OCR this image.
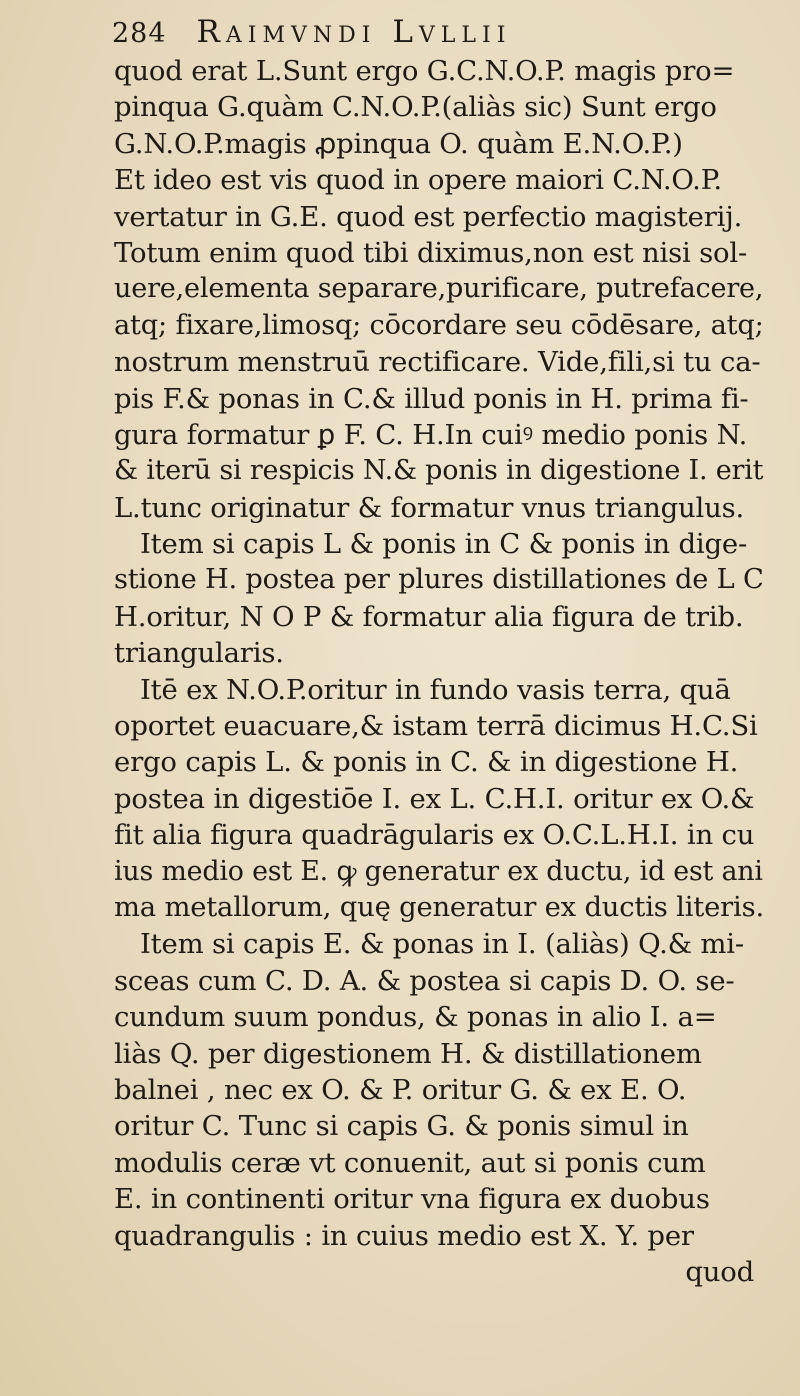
284 Raimvndi Lvllii
quod erat L.Sunt ergo G.C.N.O.P. magis pro=
pinqua G.quàm C.N.O.P.(aliàs sic) Sunt ergo
G.N.O.P.magis ꝓpinqua O. quàm E.N.O.P.)
Et ideo est vis quod in opere maiori C.N.O.P.
vertatur in G.E. quod est perfectio magisterij.
Totum enim quod tibi diximus,non est nisi sol-
uere,elementa separare,purificare, putrefacere,
atq; fixare,limosq; cōcordare seu cōdēsare, atq;
nostrum menstruū rectificare. Vide,fili,si tu ca-
pis F.& ponas in C.& illud ponis in H. prima fi-
gura formatur ꝑ F. C. H.In cuiꝰ medio ponis N.
& iterū si respicis N.& ponis in digestione I. erit
L.tunc originatur & formatur vnus triangulus.
Item si capis L & ponis in C & ponis in dige-
stione H. postea per plures distillationes de L C
H.oritur, N O P & formatur alia figura de trib.
triangularis.
Itē ex N.O.P.oritur in fundo vasis terra, quā
oportet euacuare,& istam terrā dicimus H.C.Si
ergo capis L. & ponis in C. & in digestione H.
postea in digestiōe I. ex L. C.H.I. oritur ex O.&
fit alia figura quadrāgularis ex O.C.L.H.I. in cu
ius medio est E. ꝙ generatur ex ductu, id est ani
ma metallorum, quę generatur ex ductis literis.
Item si capis E. & ponas in I. (aliàs) Q.& mi-
sceas cum C. D. A. & postea si capis D. O. se-
cundum suum pondus, & ponas in alio I. a=
liàs Q. per digestionem H. & distillationem
balnei , nec ex O. & P. oritur G. & ex E. O.
oritur C. Tunc si capis G. & ponis simul in
modulis ceræ vt conuenit, aut si ponis cum
E. in continenti oritur vna figura ex duobus
quadrangulis : in cuius medio est X. Y. per
quod
